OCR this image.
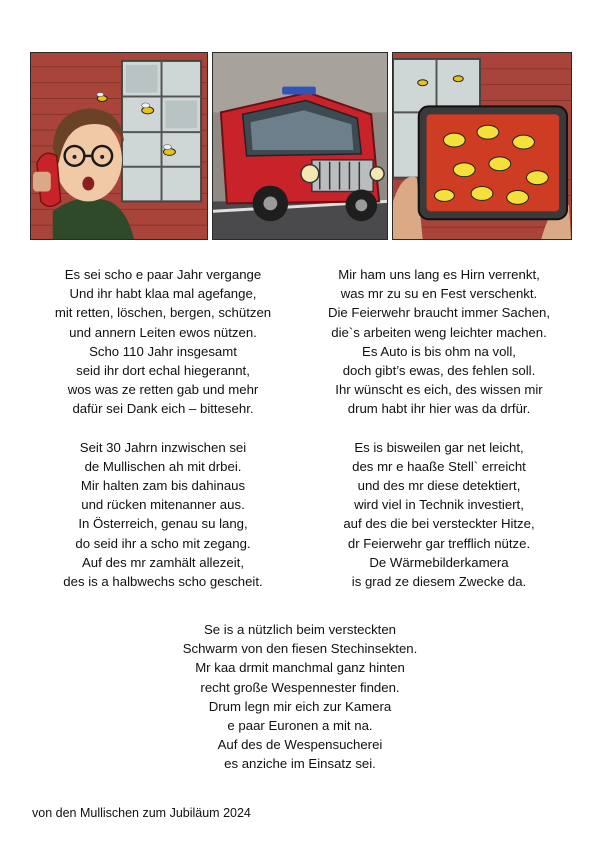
Es sei scho e paar Jahr vergange
Und ihr habt klaa mal agefange,
mit retten, löschen, bergen, schützen
und annern Leiten ewos nützen.
Scho 110 Jahr insgesamt
seid ihr dort echal hiegerannt,
wos was ze retten gab und mehr
dafür sei Dank eich – bittesehr.
Seit 30 Jahrn inzwischen sei
de Mullischen ah mit drbei.
Mir halten zam bis dahinaus
und rücken mitenanner aus.
In Österreich, genau su lang,
do seid ihr a scho mit zegang.
Auf des mr zamhält allezeit,
des is a halbwechs scho gescheit.
Mir ham uns lang es Hirn verrenkt,
was mr zu su en Fest verschenkt.
Die Feierwehr braucht immer Sachen,
die`s arbeiten weng leichter machen.
Es Auto is bis ohm na voll,
doch gibt’s ewas, des fehlen soll.
Ihr wünscht es eich, des wissen mir
drum habt ihr hier was da drfür.
Es is bisweilen gar net leicht,
des mr e haaße Stell` erreicht
und des mr diese detektiert,
wird viel in Technik investiert,
auf des die bei versteckter Hitze,
dr Feierwehr gar trefflich nütze.
De Wärmebilderkamera
is grad ze diesem Zwecke da.
Se is a nützlich beim versteckten
Schwarm von den fiesen Stechinsekten.
Mr kaa drmit manchmal ganz hinten
recht große Wespennester finden.
Drum legn mir eich zur Kamera
e paar Euronen a mit na.
Auf des de Wespensucherei
es anziche im Einsatz sei.
von den Mullischen zum Jubiläum 2024
